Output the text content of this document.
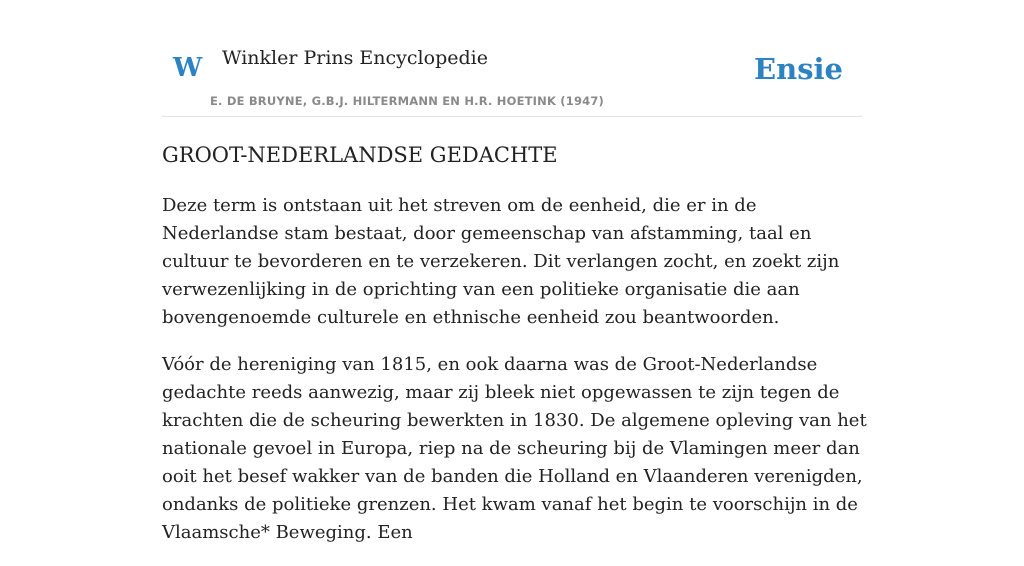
W Winkler Prins Encyclopedie
E. DE BRUYNE, G.B.J. HILTERMANN EN H.R. HOETINK (1947)
Ensie
GROOT-NEDERLANDSE GEDACHTE

Deze term is ontstaan uit het streven om de eenheid, die er in de Nederlandse stam bestaat, door gemeenschap van afstamming, taal en cultuur te bevorderen en te verzekeren. Dit verlangen zocht, en zoekt zijn verwezenlijking in de oprichting van een politieke organisatie die aan bovengenoemde culturele en ethnische eenheid zou beantwoorden.

Vóór de hereniging van 1815, en ook daarna was de Groot-Nederlandse gedachte reeds aanwezig, maar zij bleek niet opgewassen te zijn tegen de krachten die de scheuring bewerkten in 1830. De algemene opleving van het nationale gevoel in Europa, riep na de scheuring bij de Vlamingen meer dan ooit het besef wakker van de banden die Holland en Vlaanderen verenigden, ondanks de politieke grenzen. Het kwam vanaf het begin te voorschijn in de Vlaamsche* Beweging. Een
